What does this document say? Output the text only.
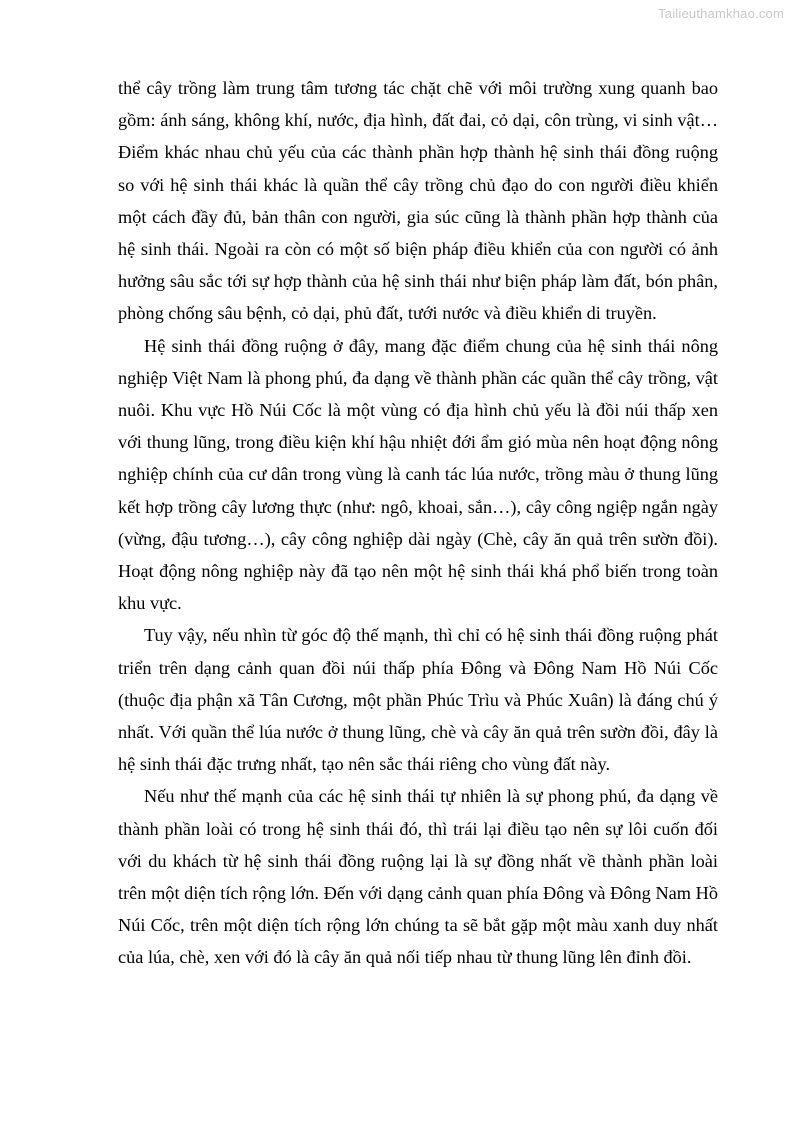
Tailieuthamkhao.com

thể cây trồng làm trung tâm tương tác chặt chẽ với môi trường xung quanh bao gồm: ánh sáng, không khí, nước, địa hình, đất đai, cỏ dại, côn trùng, vi sinh vật…Điểm khác nhau chủ yếu của các thành phần hợp thành hệ sinh thái đồng ruộng so với hệ sinh thái khác là quần thể cây trồng chủ đạo do con người điều khiển một cách đầy đủ, bản thân con người, gia súc cũng là thành phần hợp thành của hệ sinh thái. Ngoài ra còn có một số biện pháp điều khiển của con người có ảnh hưởng sâu sắc tới sự hợp thành của hệ sinh thái như biện pháp làm đất, bón phân, phòng chống sâu bệnh, cỏ dại, phủ đất, tưới nước và điều khiển di truyền.

Hệ sinh thái đồng ruộng ở đây, mang đặc điểm chung của hệ sinh thái nông nghiệp Việt Nam là phong phú, đa dạng về thành phần các quần thể cây trồng, vật nuôi. Khu vực Hồ Núi Cốc là một vùng có địa hình chủ yếu là đồi núi thấp xen với thung lũng, trong điều kiện khí hậu nhiệt đới ẩm gió mùa nên hoạt động nông nghiệp chính của cư dân trong vùng là canh tác lúa nước, trồng màu ở thung lũng kết hợp trồng cây lương thực (như: ngô, khoai, sắn…), cây công ngiệp ngắn ngày (vừng, đậu tương…), cây công nghiệp dài ngày (Chè, cây ăn quả trên sườn đồi). Hoạt động nông nghiệp này đã tạo nên một hệ sinh thái khá phổ biến trong toàn khu vực.

Tuy vậy, nếu nhìn từ góc độ thế mạnh, thì chỉ có hệ sinh thái đồng ruộng phát triển trên dạng cảnh quan đồi núi thấp phía Đông và Đông Nam Hồ Núi Cốc (thuộc địa phận xã Tân Cương, một phần Phúc Trìu và Phúc Xuân) là đáng chú ý nhất. Với quần thể lúa nước ở thung lũng, chè và cây ăn quả trên sườn đồi, đây là hệ sinh thái đặc trưng nhất, tạo nên sắc thái riêng cho vùng đất này.

Nếu như thế mạnh của các hệ sinh thái tự nhiên là sự phong phú, đa dạng về thành phần loài có trong hệ sinh thái đó, thì trái lại điều tạo nên sự lôi cuốn đối với du khách từ hệ sinh thái đồng ruộng lại là sự đồng nhất về thành phần loài trên một diện tích rộng lớn. Đến với dạng cảnh quan phía Đông và Đông Nam Hồ Núi Cốc, trên một diện tích rộng lớn chúng ta sẽ bắt gặp một màu xanh duy nhất của lúa, chè, xen với đó là cây ăn quả nối tiếp nhau từ thung lũng lên đỉnh đồi.
